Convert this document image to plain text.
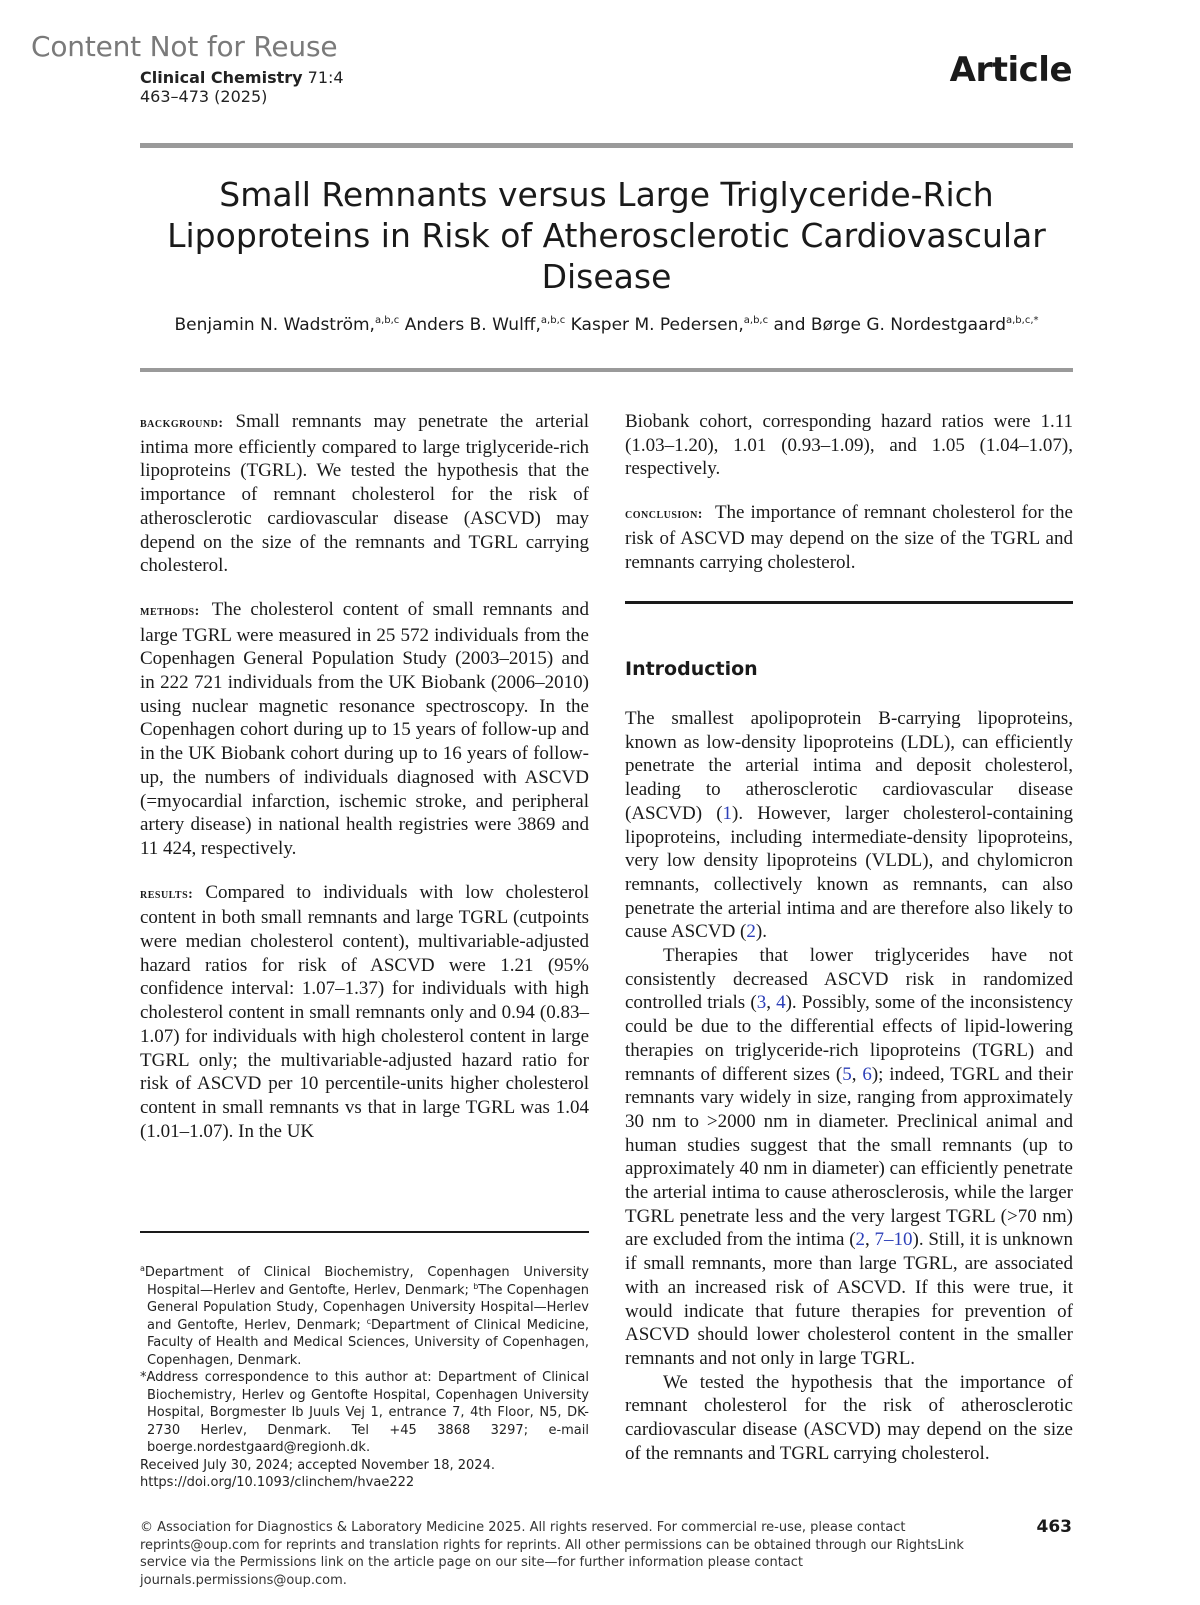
Content Not for Reuse
Clinical Chemistry 71:4
463–473 (2025)
Article
Small Remnants versus Large Triglyceride-Rich Lipoproteins in Risk of Atherosclerotic Cardiovascular Disease
Benjamin N. Wadström,$^{a,b,c}$ Anders B. Wulff,$^{a,b,c}$ Kasper M. Pedersen,$^{a,b,c}$ and Børge G. Nordestgaard$^{a,b,c,*}$

background: Small remnants may penetrate the arterial intima more efficiently compared to large triglyceride-rich lipoproteins (TGRL). We tested the hypothesis that the importance of remnant cholesterol for the risk of atherosclerotic cardiovascular disease (ASCVD) may depend on the size of the remnants and TGRL carrying cholesterol.

methods: The cholesterol content of small remnants and large TGRL were measured in 25 572 individuals from the Copenhagen General Population Study (2003–2015) and in 222 721 individuals from the UK Biobank (2006–2010) using nuclear magnetic resonance spectroscopy. In the Copenhagen cohort during up to 15 years of follow-up and in the UK Biobank cohort during up to 16 years of follow-up, the numbers of individuals diagnosed with ASCVD (=myocardial infarction, ischemic stroke, and peripheral artery disease) in national health registries were 3869 and 11 424, respectively.

results: Compared to individuals with low cholesterol content in both small remnants and large TGRL (cutpoints were median cholesterol content), multivariable-adjusted hazard ratios for risk of ASCVD were 1.21 (95% confidence interval: 1.07–1.37) for individuals with high cholesterol content in small remnants only and 0.94 (0.83–1.07) for individuals with high cholesterol content in large TGRL only; the multivariable-adjusted hazard ratio for risk of ASCVD per 10 percentile-units higher cholesterol content in small remnants vs that in large TGRL was 1.04 (1.01–1.07). In the UK

$^a$Department of Clinical Biochemistry, Copenhagen University Hospital—Herlev and Gentofte, Herlev, Denmark; $^b$The Copenhagen General Population Study, Copenhagen University Hospital—Herlev and Gentofte, Herlev, Denmark; $^c$Department of Clinical Medicine, Faculty of Health and Medical Sciences, University of Copenhagen, Copenhagen, Denmark.

*Address correspondence to this author at: Department of Clinical Biochemistry, Herlev og Gentofte Hospital, Copenhagen University Hospital, Borgmester Ib Juuls Vej 1, entrance 7, 4th Floor, N5, DK-2730 Herlev, Denmark. Tel +45 3868 3297; e-mail boerge.nordestgaard@regionh.dk.

Received July 30, 2024; accepted November 18, 2024.

https://doi.org/10.1093/clinchem/hvae222

Biobank cohort, corresponding hazard ratios were 1.11 (1.03–1.20), 1.01 (0.93–1.09), and 1.05 (1.04–1.07), respectively.

conclusion: The importance of remnant cholesterol for the risk of ASCVD may depend on the size of the TGRL and remnants carrying cholesterol.

Introduction

The smallest apolipoprotein B-carrying lipoproteins, known as low-density lipoproteins (LDL), can efficiently penetrate the arterial intima and deposit cholesterol, leading to atherosclerotic cardiovascular disease (ASCVD) (1). However, larger cholesterol-containing lipoproteins, including intermediate-density lipoproteins, very low density lipoproteins (VLDL), and chylomicron remnants, collectively known as remnants, can also penetrate the arterial intima and are therefore also likely to cause ASCVD (2).

Therapies that lower triglycerides have not consistently decreased ASCVD risk in randomized controlled trials (3, 4). Possibly, some of the inconsistency could be due to the differential effects of lipid-lowering therapies on triglyceride-rich lipoproteins (TGRL) and remnants of different sizes (5, 6); indeed, TGRL and their remnants vary widely in size, ranging from approximately 30 nm to >2000 nm in diameter. Preclinical animal and human studies suggest that the small remnants (up to approximately 40 nm in diameter) can efficiently penetrate the arterial intima to cause atherosclerosis, while the larger TGRL penetrate less and the very largest TGRL (>70 nm) are excluded from the intima (2, 7–10). Still, it is unknown if small remnants, more than large TGRL, are associated with an increased risk of ASCVD. If this were true, it would indicate that future therapies for prevention of ASCVD should lower cholesterol content in the smaller remnants and not only in large TGRL.

We tested the hypothesis that the importance of remnant cholesterol for the risk of atherosclerotic cardiovascular disease (ASCVD) may depend on the size of the remnants and TGRL carrying cholesterol.

© Association for Diagnostics & Laboratory Medicine 2025. All rights reserved. For commercial re-use, please contact reprints@oup.com for reprints and translation rights for reprints. All other permissions can be obtained through our RightsLink service via the Permissions link on the article page on our site—for further information please contact journals.permissions@oup.com.
463
